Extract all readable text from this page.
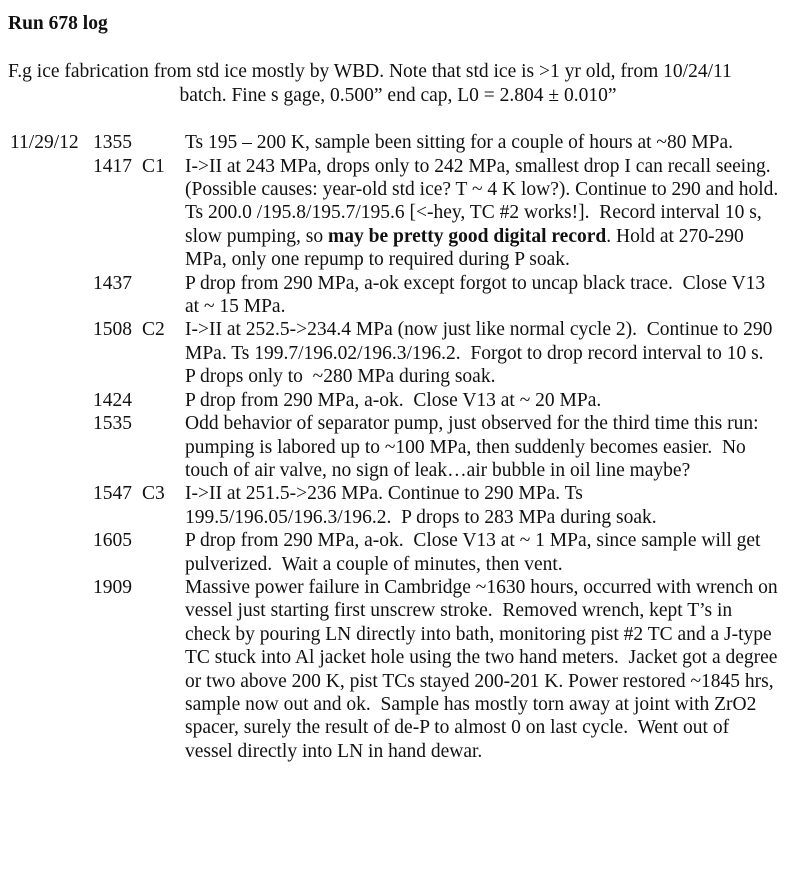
Run 678 log
F.g ice fabrication from std ice mostly by WBD. Note that std ice is >1 yr old, from 10/24/11
batch. Fine s gage, 0.500” end cap, L0 = 2.804 ± 0.010”
11/29/12 1355	Ts 195 – 200 K, sample been sitting for a couple of hours at ~80 MPa.
1417 C1	I->II at 243 MPa, drops only to 242 MPa, smallest drop I can recall seeing. (Possible causes: year-old std ice? T ~ 4 K low?). Continue to 290 and hold.  Ts 200.0 /195.8/195.7/195.6 [<-hey, TC #2 works!].  Record interval 10 s, slow pumping, so may be pretty good digital record. Hold at 270-290 MPa, only one repump to required during P soak.
1437	P drop from 290 MPa, a-ok except forgot to uncap black trace.  Close V13 at ~ 15 MPa.
1508 C2	I->II at 252.5->234.4 MPa (now just like normal cycle 2).  Continue to 290 MPa. Ts 199.7/196.02/196.3/196.2.  Forgot to drop record interval to 10 s.  P drops only to  ~280 MPa during soak.
1424	P drop from 290 MPa, a-ok.  Close V13 at ~ 20 MPa.
1535	Odd behavior of separator pump, just observed for the third time this run: pumping is labored up to ~100 MPa, then suddenly becomes easier.  No touch of air valve, no sign of leak…air bubble in oil line maybe?
1547 C3	I->II at 251.5->236 MPa. Continue to 290 MPa. Ts 199.5/196.05/196.3/196.2.  P drops to 283 MPa during soak.
1605	P drop from 290 MPa, a-ok.  Close V13 at ~ 1 MPa, since sample will get pulverized.  Wait a couple of minutes, then vent.
1909	Massive power failure in Cambridge ~1630 hours, occurred with wrench on vessel just starting first unscrew stroke.  Removed wrench, kept T’s in check by pouring LN directly into bath, monitoring pist #2 TC and a J-type TC stuck into Al jacket hole using the two hand meters.  Jacket got a degree or two above 200 K, pist TCs stayed 200-201 K. Power restored ~1845 hrs, sample now out and ok.  Sample has mostly torn away at joint with ZrO2 spacer, surely the result of de-P to almost 0 on last cycle.  Went out of vessel directly into LN in hand dewar.
